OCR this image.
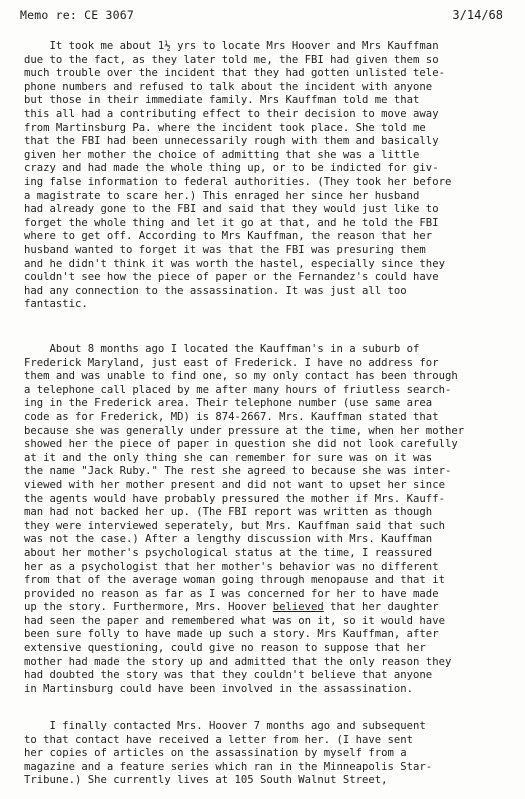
Memo re: CE 3067	3/14/68
It took me about 1½ yrs to locate Mrs Hoover and Mrs Kauffman
due to the fact, as they later told me, the FBI had given them so
much trouble over the incident that they had gotten unlisted tele-
phone numbers and refused to talk about the incident with anyone
but those in their immediate family. Mrs Kauffman told me that
this all had a contributing effect to their decision to move away
from Martinsburg Pa. where the incident took place. She told me
that the FBI had been unnecessarily rough with them and basically
given her mother the choice of admitting that she was a little
crazy and had made the whole thing up, or to be indicted for giv-
ing false information to federal authorities. (They took her before
a magistrate to scare her.) This enraged her since her husband
had already gone to the FBI and said that they would just like to
forget the whole thing and let it go at that, and he told the FBI
where to get off. According to Mrs Kauffman, the reason that her
husband wanted to forget it was that the FBI was presuring them
and he didn't think it was worth the hastel, especially since they
couldn't see how the piece of paper or the Fernandez's could have
had any connection to the assassination. It was just all too
fantastic.
About 8 months ago I located the Kauffman's in a suburb of
Frederick Maryland, just east of Frederick. I have no address for
them and was unable to find one, so my only contact has been through
a telephone call placed by me after many hours of friutless search-
ing in the Frederick area. Their telephone number (use same area
code as for Frederick, MD) is 874-2667. Mrs. Kauffman stated that
because she was generally under pressure at the time, when her mother
showed her the piece of paper in question she did not look carefully
at it and the only thing she can remember for sure was on it was
the name "Jack Ruby." The rest she agreed to because she was inter-
viewed with her mother present and did not want to upset her since
the agents would have probably pressured the mother if Mrs. Kauff-
man had not backed her up. (The FBI report was written as though
they were interviewed seperately, but Mrs. Kauffman said that such
was not the case.) After a lengthy discussion with Mrs. Kauffman
about her mother's psychological status at the time, I reassured
her as a psychologist that her mother's behavior was no different
from that of the average woman going through menopause and that it
provided no reason as far as I was concerned for her to have made
up the story. Furthermore, Mrs. Hoover believed that her daughter
had seen the paper and remembered what was on it, so it would have
been sure folly to have made up such a story. Mrs Kauffman, after
extensive questioning, could give no reason to suppose that her
mother had made the story up and admitted that the only reason they
had doubted the story was that they couldn't believe that anyone
in Martinsburg could have been involved in the assassination.
I finally contacted Mrs. Hoover 7 months ago and subsequent
to that contact have received a letter from her. (I have sent
her copies of articles on the assassination by myself from a
magazine and a feature series which ran in the Minneapolis Star-
Tribune.) She currently lives at 105 South Walnut Street,
